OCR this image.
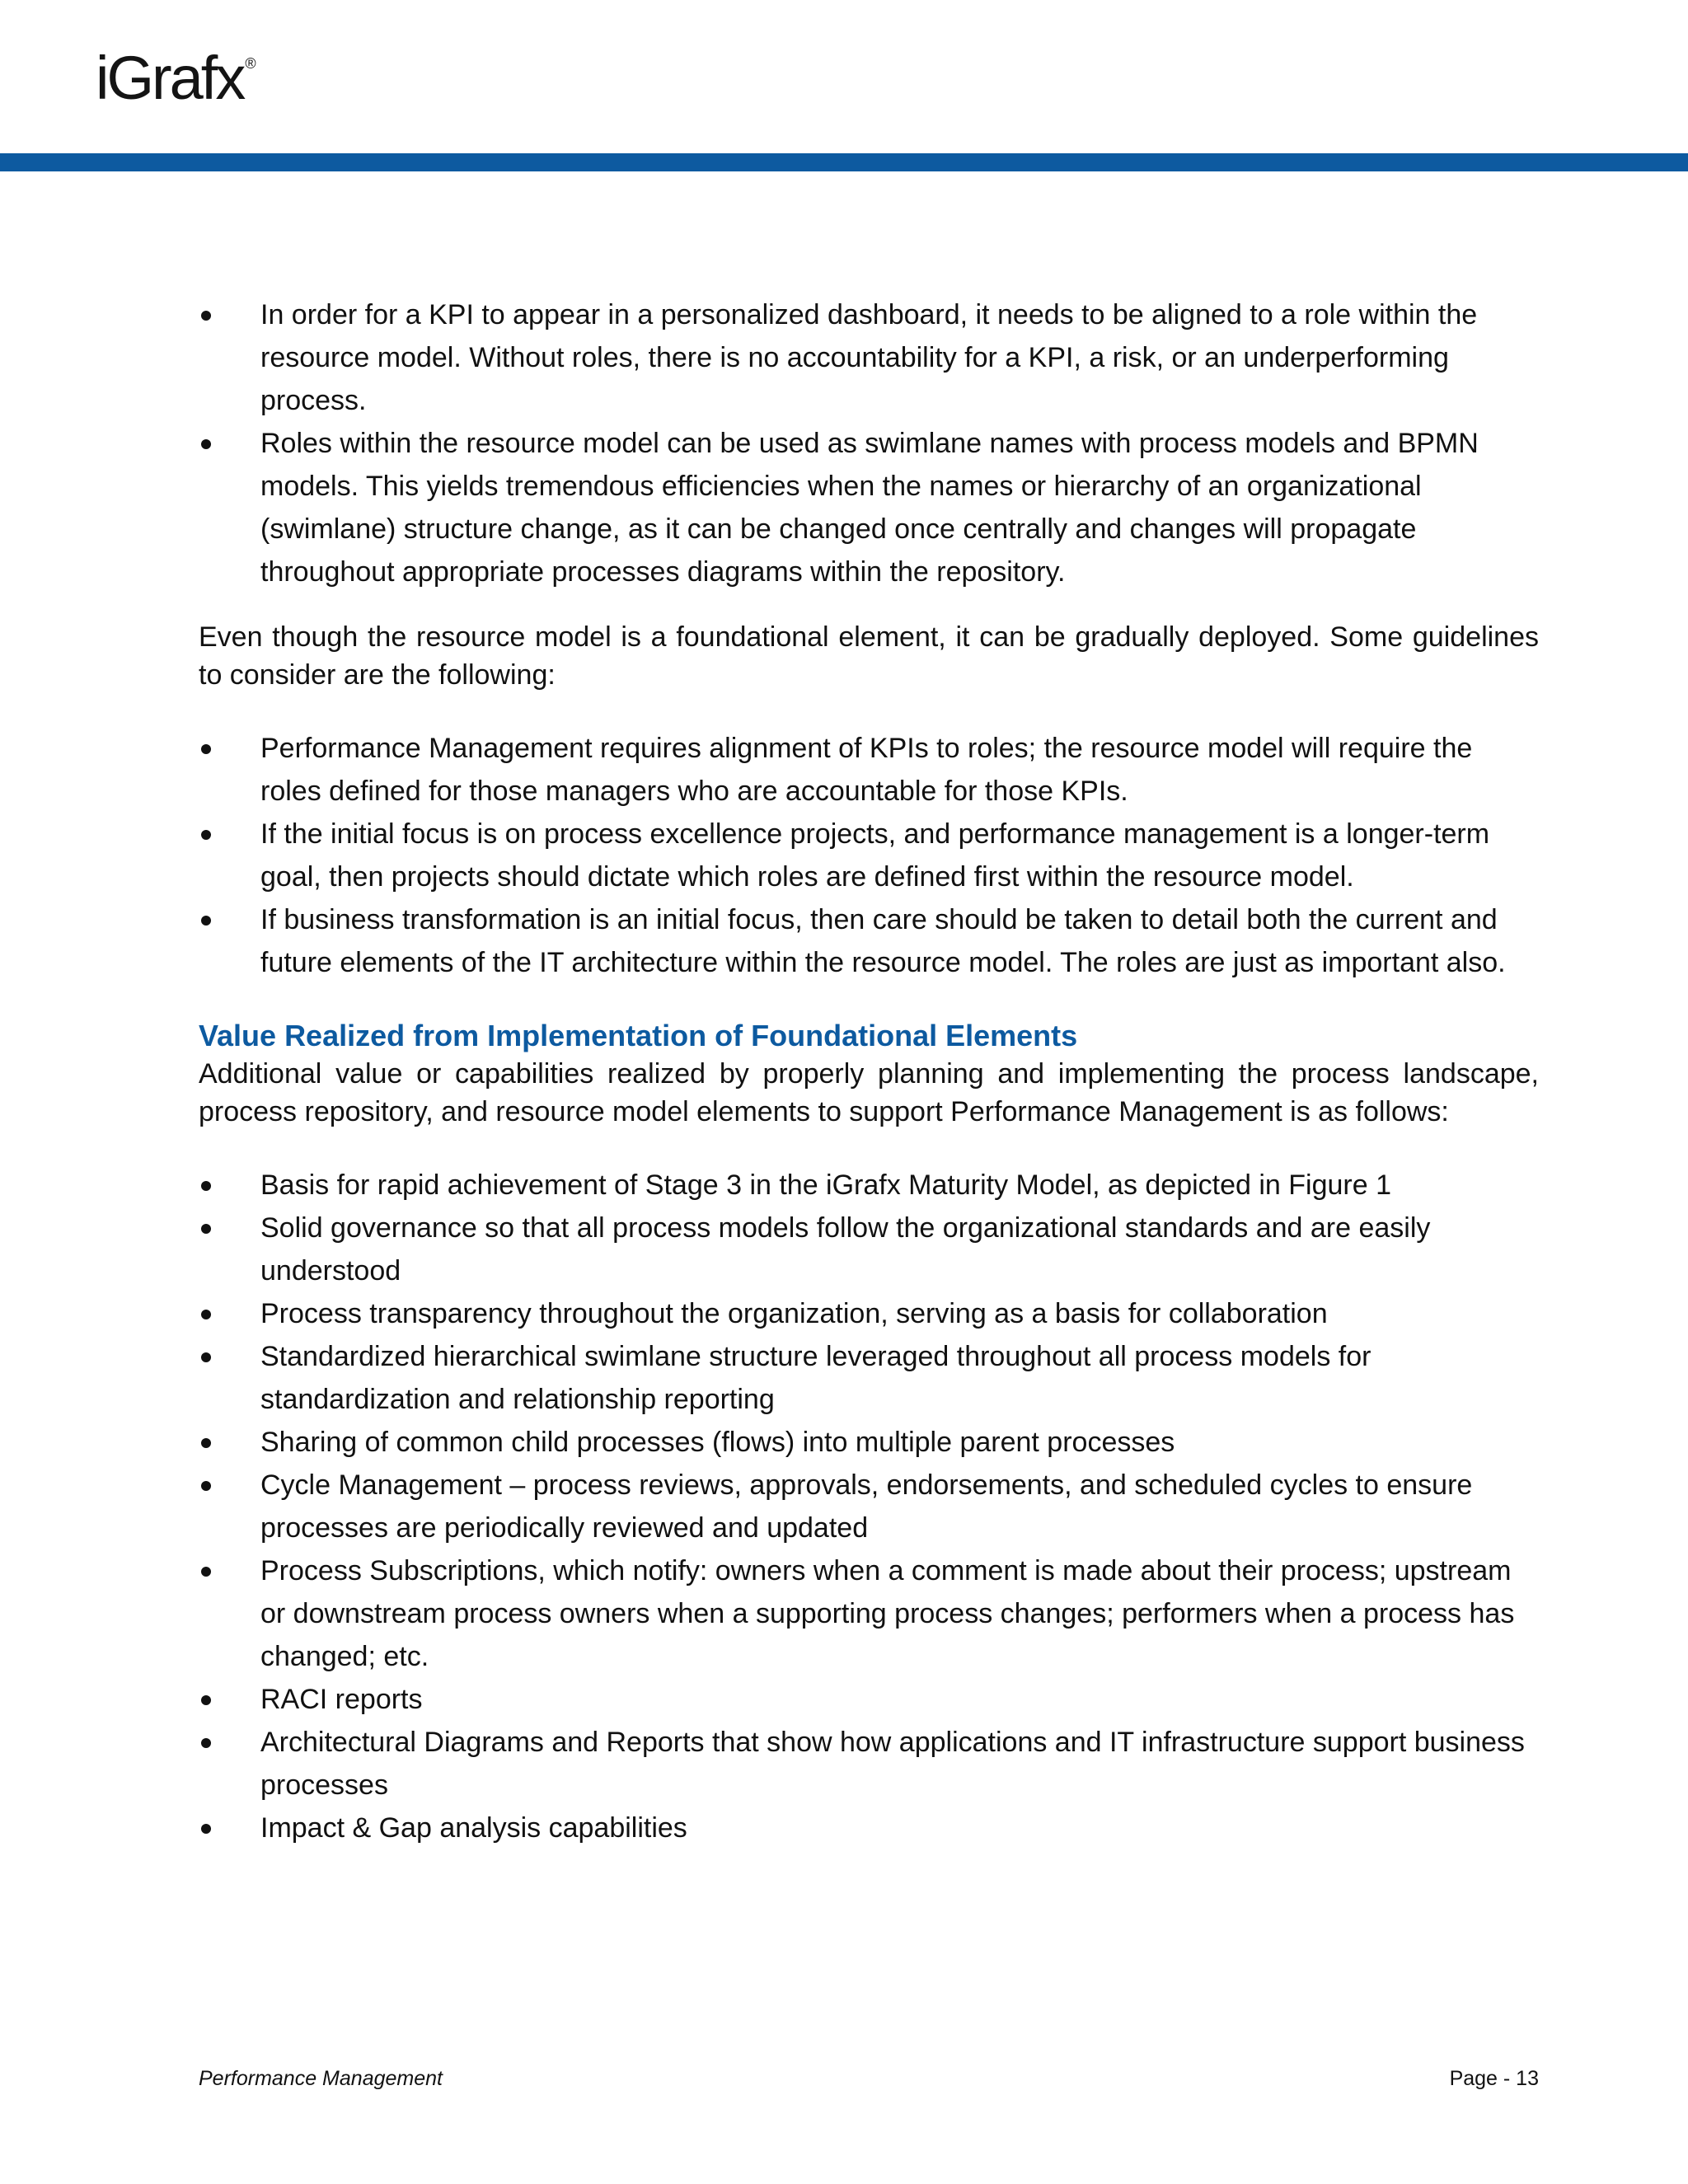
iGrafx ®
In order for a KPI to appear in a personalized dashboard, it needs to be aligned to a role within the resource model. Without roles, there is no accountability for a KPI, a risk, or an underperforming process.
Roles within the resource model can be used as swimlane names with process models and BPMN models. This yields tremendous efficiencies when the names or hierarchy of an organizational (swimlane) structure change, as it can be changed once centrally and changes will propagate throughout appropriate processes diagrams within the repository.

Even though the resource model is a foundational element, it can be gradually deployed. Some guidelines to consider are the following:

Performance Management requires alignment of KPIs to roles; the resource model will require the roles defined for those managers who are accountable for those KPIs.
If the initial focus is on process excellence projects, and performance management is a longer-term goal, then projects should dictate which roles are defined first within the resource model.
If business transformation is an initial focus, then care should be taken to detail both the current and future elements of the IT architecture within the resource model. The roles are just as important also.
Value Realized from Implementation of Foundational Elements

Additional value or capabilities realized by properly planning and implementing the process landscape, process repository, and resource model elements to support Performance Management is as follows:

Basis for rapid achievement of Stage 3 in the iGrafx Maturity Model, as depicted in Figure 1
Solid governance so that all process models follow the organizational standards and are easily understood
Process transparency throughout the organization, serving as a basis for collaboration
Standardized hierarchical swimlane structure leveraged throughout all process models for standardization and relationship reporting
Sharing of common child processes (flows) into multiple parent processes
Cycle Management – process reviews, approvals, endorsements, and scheduled cycles to ensure processes are periodically reviewed and updated
Process Subscriptions, which notify: owners when a comment is made about their process; upstream or downstream process owners when a supporting process changes; performers when a process has changed; etc.
RACI reports
Architectural Diagrams and Reports that show how applications and IT infrastructure support business processes
Impact & Gap analysis capabilities
Performance Management	Page - 13
